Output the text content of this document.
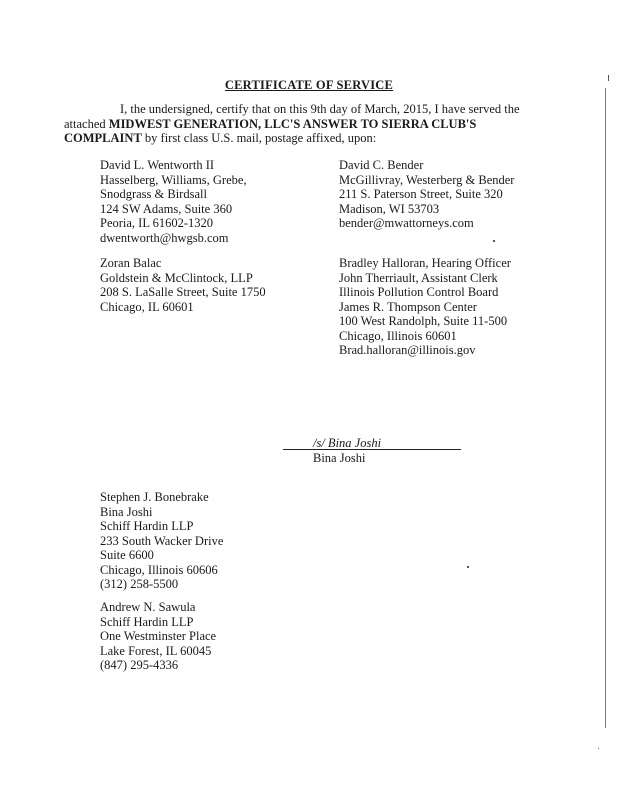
CERTIFICATE OF SERVICE
I, the undersigned, certify that on this 9th day of March, 2015, I have served the attached MIDWEST GENERATION, LLC'S ANSWER TO SIERRA CLUB'S COMPLAINT by first class U.S. mail, postage affixed, upon:
David L. Wentworth II
Hasselberg, Williams, Grebe,
Snodgrass & Birdsall
124 SW Adams, Suite 360
Peoria, IL 61602-1320
dwentworth@hwgsb.com
David C. Bender
McGillivray, Westerberg & Bender
211 S. Paterson Street, Suite 320
Madison, WI 53703
bender@mwattorneys.com
Zoran Balac
Goldstein & McClintock, LLP
208 S. LaSalle Street, Suite 1750
Chicago, IL 60601
Bradley Halloran, Hearing Officer
John Therriault, Assistant Clerk
Illinois Pollution Control Board
James R. Thompson Center
100 West Randolph, Suite 11-500
Chicago, Illinois 60601
Brad.halloran@illinois.gov
/s/ Bina Joshi
Bina Joshi
Stephen J. Bonebrake
Bina Joshi
Schiff Hardin LLP
233 South Wacker Drive
Suite 6600
Chicago, Illinois 60606
(312) 258-5500
Andrew N. Sawula
Schiff Hardin LLP
One Westminster Place
Lake Forest, IL 60045
(847) 295-4336
